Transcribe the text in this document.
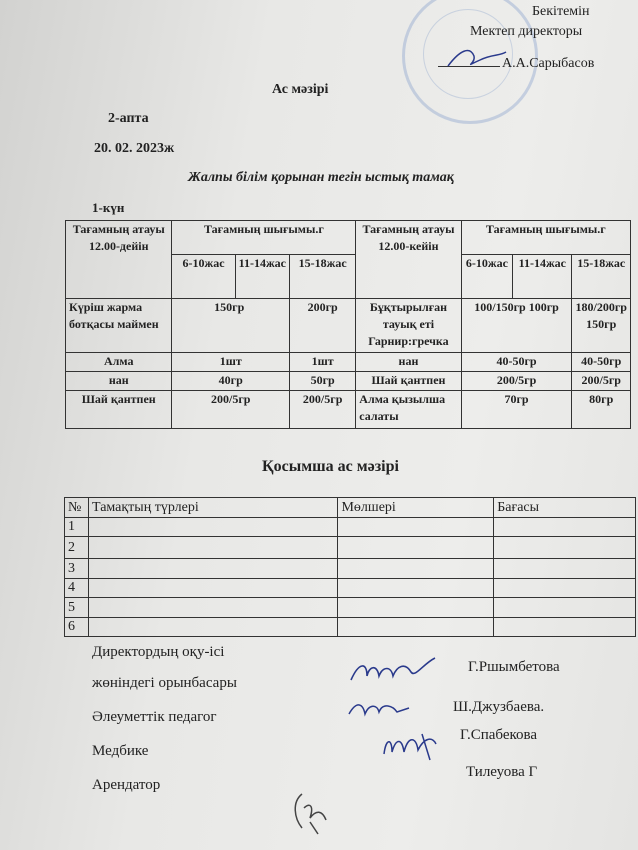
Бекітемін
Мектеп директоры
А.А.Сарыбасов
Ас мәзірі
2-апта
20. 02. 2023ж
Жалпы білім қорынан тегін ыстық тамақ
1-күн
Тағамның атауы 12.00-дейін	Тағамның шығымы.г			Тағамның атауы 12.00-кейін	Тағамның шығымы.г		
	6-10жас	11-14жас	15-18жас		6-10жас	11-14жас	15-18жас
Күріш жарма ботқасы маймен	150гр		200гр	Бұқтырылған тауық еті Гарнир:гречка	100/150гр 100гр		180/200гр 150гр
Алма	1шт		1шт	нан	40-50гр		40-50гр
нан	40гр		50гр	Шай қантпен	200/5гр		200/5гр
Шай қантпен	200/5гр		200/5гр	Алма қызылша салаты	70гр		80гр
Қосымша ас мәзірі
№	Тамақтың түрлері	Мөлшері	Бағасы
1			
2			
3			
4			
5			
6			
Директордың оқу-ісі
жөніндегі орынбасары
Әлеуметтік педагог
Медбике
Арендатор
Г.Ршымбетова
Ш.Джузбаева.
Г.Спабекова
Тилеуова Г
